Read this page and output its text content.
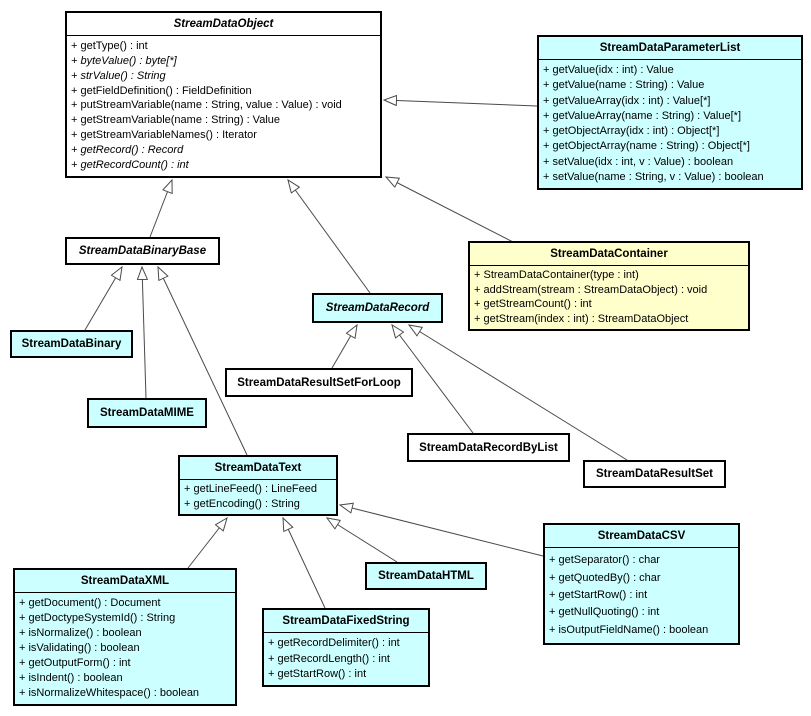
StreamDataObject
+ getType() : int
+ byteValue() : byte[*]
+ strValue() : String
+ getFieldDefinition() : FieldDefinition
+ putStreamVariable(name : String, value : Value) : void
+ getStreamVariable(name : String) : Value
+ getStreamVariableNames() : Iterator
+ getRecord() : Record
+ getRecordCount() : int
StreamDataParameterList
+ getValue(idx : int) : Value
+ getValue(name : String) : Value
+ getValueArray(idx : int) : Value[*]
+ getValueArray(name : String) : Value[*]
+ getObjectArray(idx : int) : Object[*]
+ getObjectArray(name : String) : Object[*]
+ setValue(idx : int, v : Value) : boolean
+ setValue(name : String, v : Value) : boolean
StreamDataBinaryBase	StreamDataContainer
+ StreamDataContainer(type : int)
+ addStream(stream : StreamDataObject) : void
+ getStreamCount() : int
+ getStream(index : int) : StreamDataObject
StreamDataBinary
StreamDataRecord
StreamDataMIME
StreamDataResultSetForLoop
StreamDataText
+ getLineFeed() : LineFeed
+ getEncoding() : String
StreamDataRecordByList
StreamDataResultSet
StreamDataXML
+ getDocument() : Document
+ getDoctypeSystemId() : String
+ isNormalize() : boolean
+ isValidating() : boolean
+ getOutputForm() : int
+ isIndent() : boolean
+ isNormalizeWhitespace() : boolean
StreamDataHTML
StreamDataFixedString
+ getRecordDelimiter() : int
+ getRecordLength() : int
+ getStartRow() : int
StreamDataCSV
+ getSeparator() : char
+ getQuotedBy() : char
+ getStartRow() : int
+ getNullQuoting() : int
+ isOutputFieldName() : boolean
